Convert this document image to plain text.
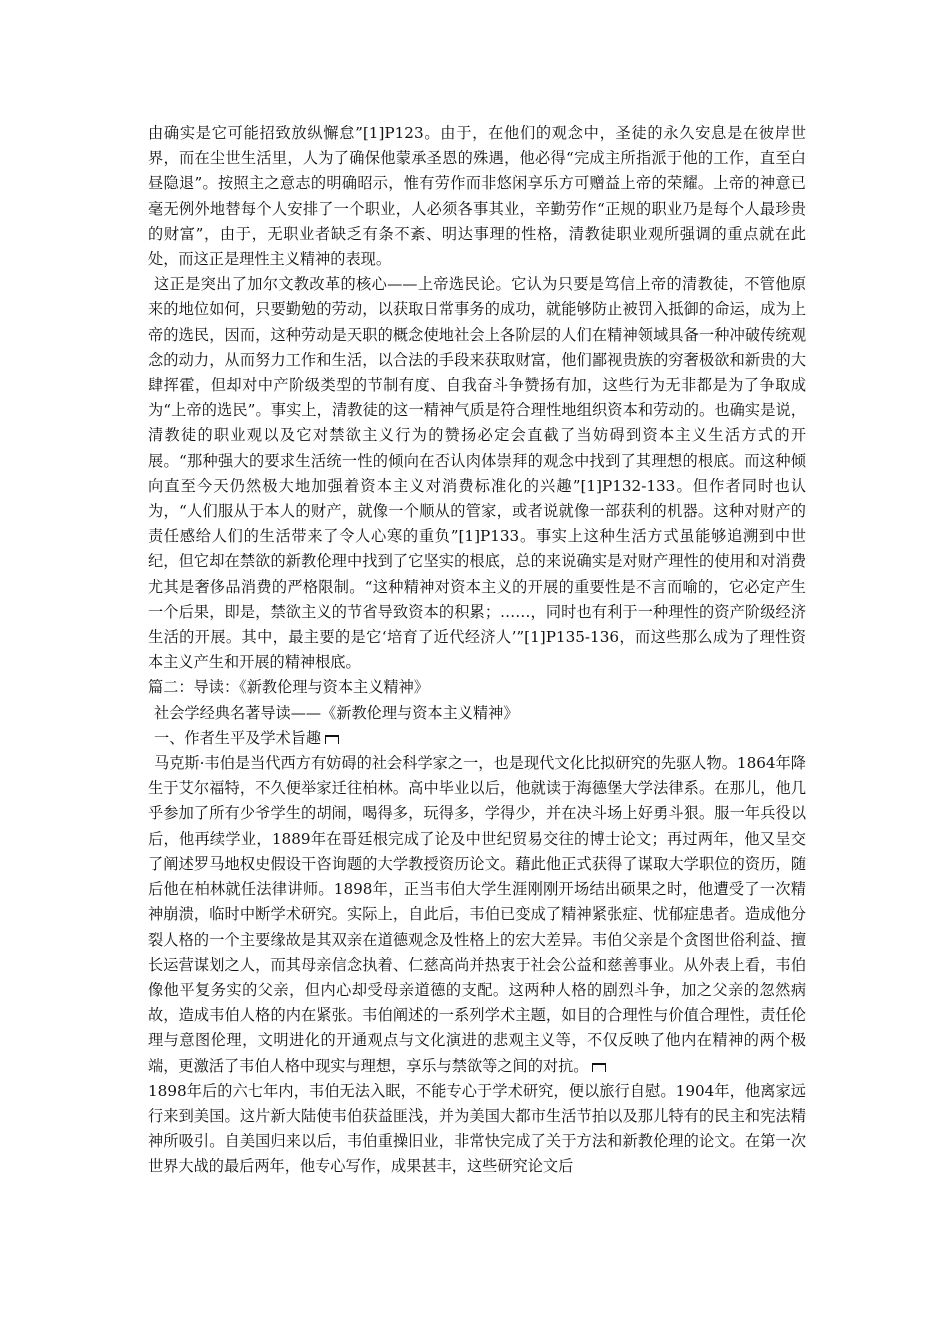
由确实是它可能招致放纵懈怠”[1]P123。由于，在他们的观念中，圣徒的永久安息是在彼岸世界，而在尘世生活里，人为了确保他蒙承圣恩的殊遇，他必得“完成主所指派于他的工作，直至白昼隐退”。按照主之意志的明确昭示，惟有劳作而非悠闲享乐方可赠益上帝的荣耀。上帝的神意已毫无例外地替每个人安排了一个职业，人必须各事其业，辛勤劳作“正规的职业乃是每个人最珍贵的财富”，由于，无职业者缺乏有条不紊、明达事理的性格，清教徒职业观所强调的重点就在此处，而这正是理性主义精神的表现。

这正是突出了加尔文教改革的核心——上帝选民论。它认为只要是笃信上帝的清教徒，不管他原来的地位如何，只要勤勉的劳动，以获取日常事务的成功，就能够防止被罚入抵御的命运，成为上帝的选民，因而，这种劳动是天职的概念使地社会上各阶层的人们在精神领域具备一种冲破传统观念的动力，从而努力工作和生活，以合法的手段来获取财富，他们鄙视贵族的穷奢极欲和新贵的大肆挥霍，但却对中产阶级类型的节制有度、自我奋斗争赞扬有加，这些行为无非都是为了争取成为“上帝的选民”。事实上，清教徒的这一精神气质是符合理性地组织资本和劳动的。也确实是说，清教徒的职业观以及它对禁欲主义行为的赞扬必定会直截了当妨碍到资本主义生活方式的开展。“那种强大的要求生活统一性的倾向在否认肉体崇拜的观念中找到了其理想的根底。而这种倾向直至今天仍然极大地加强着资本主义对消费标准化的兴趣”[1]P132-133。但作者同时也认为，“人们服从于本人的财产，就像一个顺从的管家，或者说就像一部获利的机器。这种对财产的责任感给人们的生活带来了令人心寒的重负”[1]P133。事实上这种生活方式虽能够追溯到中世纪，但它却在禁欲的新教伦理中找到了它坚实的根底，总的来说确实是对财产理性的使用和对消费尤其是奢侈品消费的严格限制。“这种精神对资本主义的开展的重要性是不言而喻的，它必定产生一个后果，即是，禁欲主义的节省导致资本的积累；……，同时也有利于一种理性的资产阶级经济生活的开展。其中，最主要的是它‘培育了近代经济人’”[1]P135-136，而这些那么成为了理性资本主义产生和开展的精神根底。

篇二：导读：《新教伦理与资本主义精神》

社会学经典名著导读——《新教伦理与资本主义精神》

一、作者生平及学术旨趣

马克斯·韦伯是当代西方有妨碍的社会科学家之一，也是现代文化比拟研究的先驱人物。1864年降生于艾尔福特，不久便举家迁往柏林。高中毕业以后，他就读于海德堡大学法律系。在那儿，他几乎参加了所有少爷学生的胡闹，喝得多，玩得多，学得少，并在决斗场上好勇斗狠。服一年兵役以后，他再续学业，1889年在哥廷根完成了论及中世纪贸易交往的博士论文；再过两年，他又呈交了阐述罗马地权史假设干咨询题的大学教授资历论文。藉此他正式获得了谋取大学职位的资历，随后他在柏林就任法律讲师。1898年，正当韦伯大学生涯刚刚开场结出硕果之时，他遭受了一次精神崩溃，临时中断学术研究。实际上，自此后，韦伯已变成了精神紧张症、忧郁症患者。造成他分裂人格的一个主要缘故是其双亲在道德观念及性格上的宏大差异。韦伯父亲是个贪图世俗利益、擅长运营谋划之人，而其母亲信念执着、仁慈高尚并热衷于社会公益和慈善事业。从外表上看，韦伯像他平复务实的父亲，但内心却受母亲道德的支配。这两种人格的剧烈斗争，加之父亲的忽然病故，造成韦伯人格的内在紧张。韦伯阐述的一系列学术主题，如目的合理性与价值合理性，责任伦理与意图伦理，文明进化的开通观点与文化演进的悲观主义等，不仅反映了他内在精神的两个极端，更激活了韦伯人格中现实与理想，享乐与禁欲等之间的对抗。

1898年后的六七年内，韦伯无法入眠，不能专心于学术研究，便以旅行自慰。1904年，他离家远行来到美国。这片新大陆使韦伯获益匪浅，并为美国大都市生活节拍以及那儿特有的民主和宪法精神所吸引。自美国归来以后，韦伯重操旧业，非常快完成了关于方法和新教伦理的论文。在第一次世界大战的最后两年，他专心写作，成果甚丰，这些研究论文后
